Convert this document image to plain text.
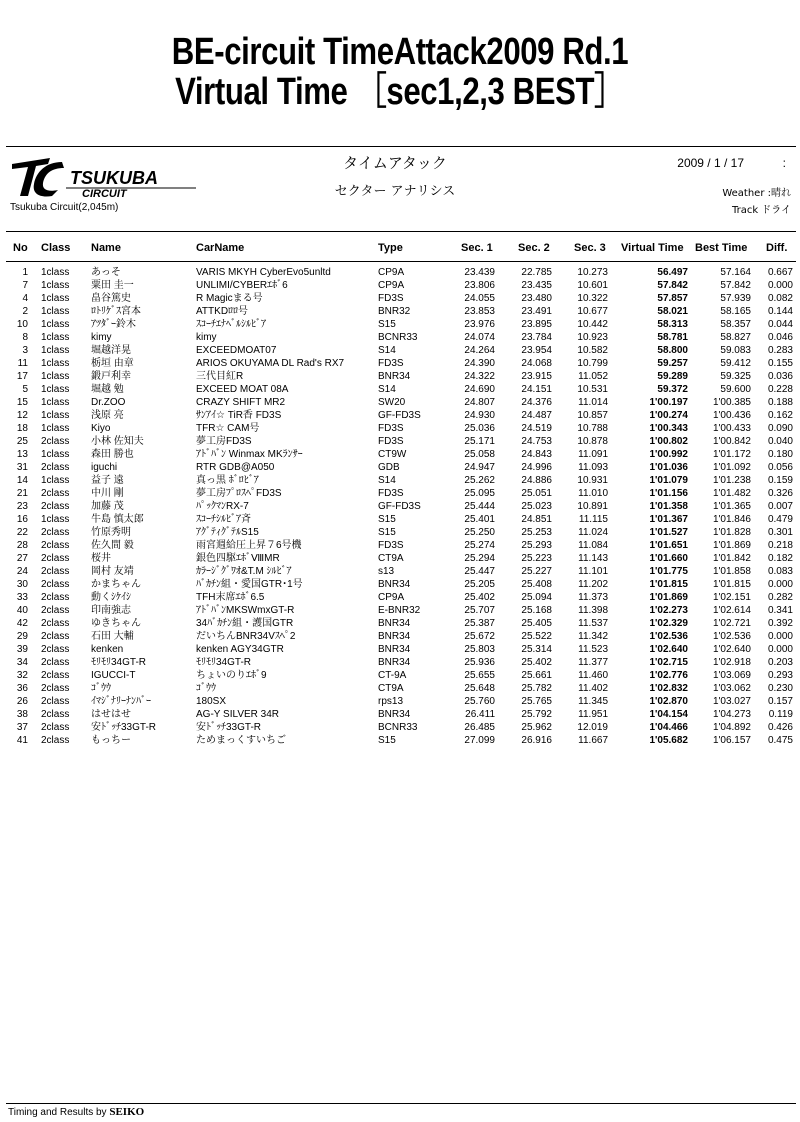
BE-circuit TimeAttack2009 Rd.1
Virtual Time ［sec1,2,3 BEST］
TSUKUBA
CIRCUIT
Tsukuba Circuit(2,045m)
タイムアタック
セクター アナリシス
2009 / 1 / 17	:
Weather :晴れ
Track ドライ
No Class Name	CarName	Type	Sec. 1 Sec. 2 Sec. 3 Virtual Time Best Time Diff.
1 1class あっそ	VARIS MKYH CyberEvo5unltd	CP9A	23.439	22.785	10.273	56.497	57.164	0.667
7 1class 粟田 圭一	UNLIMI/CYBERｴﾎﾞ6	CP9A	23.806	23.435	10.601	57.842	57.842	0.000
4 1class 畠谷篤史	R Magicまる号	FD3S	24.055	23.480	10.322	57.857	57.939	0.082
2 1class ﾛﾄﾘｹﾞｽ宮本	ATTKDﾛﾛ号	BNR32	23.853	23.491	10.677	58.021	58.165	0.144
10 1class ｱﾂﾀﾞｰ鈴木	ｽｺｰﾁｴﾅﾍﾞﾙｼﾙﾋﾞｱ	S15	23.976	23.895	10.442	58.313	58.357	0.044
8 1class kimy	kimy	BCNR33	24.074	23.784	10.923	58.781	58.827	0.046
3 1class 堀越洋晃	EXCEEDMOAT07	S14	24.264	23.954	10.582	58.800	59.083	0.283
11 1class 栃垣 由章	ARIOS OKUYAMA DL Rad's RX7	FD3S	24.390	24.068	10.799	59.257	59.412	0.155
17 1class 鍛戸利幸	三代目紅R	BNR34	24.322	23.915	11.052	59.289	59.325	0.036
5 1class 堀越 勉	EXCEED MOAT 08A	S14	24.690	24.151	10.531	59.372	59.600	0.228
15 1class Dr.ZOO	CRAZY SHIFT MR2	SW20	24.807	24.376	11.014	1'00.197	1'00.385	0.188
12 1class 浅原 亮	ｻﾝｱｲ☆ TiR香 FD3S	GF-FD3S	24.930	24.487	10.857	1'00.274	1'00.436	0.162
18 1class Kiyo	TFR☆ CAM号	FD3S	25.036	24.519	10.788	1'00.343	1'00.433	0.090
25 2class 小林 佐知夫	夢工房FD3S	FD3S	25.171	24.753	10.878	1'00.802	1'00.842	0.040
13 1class 森田 勝也	ｱﾄﾞﾊﾞﾝ Winmax MKﾗﾝｻｰ	CT9W	25.058	24.843	11.091	1'00.992	1'01.172	0.180
31 2class iguchi	RTR GDB@A050	GDB	24.947	24.996	11.093	1'01.036	1'01.092	0.056
14 1class 益子 遠	真っ黒 ﾎﾞﾛﾋﾞｱ	S14	25.262	24.886	10.931	1'01.079	1'01.238	0.159
21 2class 中川 剛	夢工房ﾌﾟﾛｽﾍﾟFD3S	FD3S	25.095	25.051	11.010	1'01.156	1'01.482	0.326
23 2class 加藤 茂	ﾊﾟｯｸﾏﾝRX-7	GF-FD3S	25.444	25.023	10.891	1'01.358	1'01.365	0.007
16 1class 牛島 慎太郎	ｽｺｰﾁｼﾙﾋﾞｱ斉	S15	25.401	24.851	11.115	1'01.367	1'01.846	0.479
22 2class 竹原秀明	ｱｸﾞﾃｨｸﾞﾃﾙS15	S15	25.250	25.253	11.024	1'01.527	1'01.828	0.301
28 2class 佐久間 毅	雨宮週給圧上昇７6号機	FD3S	25.274	25.293	11.084	1'01.651	1'01.869	0.218
27 2class 桜井	銀色四駆ｴﾎﾞⅧMR	CT9A	25.294	25.223	11.143	1'01.660	1'01.842	0.182
24 2class 岡村 友靖	ｶﾗｰｼﾞｸﾞﾜｵ&T.M ｼﾙﾋﾞｱ	s13	25.447	25.227	11.101	1'01.775	1'01.858	0.083
30 2class かまちゃん	ﾊﾞｶﾁﾝ組・愛国GTR･1号	BNR34	25.205	25.408	11.202	1'01.815	1'01.815	0.000
33 2class 動くｼｹｲｼ	TFH末席ｴﾎﾞ6.5	CP9A	25.402	25.094	11.373	1'01.869	1'02.151	0.282
40 2class 印南強志	ｱﾄﾞﾊﾞﾝMKSWmxGT-R	E-BNR32	25.707	25.168	11.398	1'02.273	1'02.614	0.341
42 2class ゆきちゃん	34ﾊﾞｶﾁﾝ組・護国GTR	BNR34	25.387	25.405	11.537	1'02.329	1'02.721	0.392
29 2class 石田 大輔	だいちんBNR34Vｽﾍﾟ2	BNR34	25.672	25.522	11.342	1'02.536	1'02.536	0.000
39 2class kenken	kenken AGY34GTR	BNR34	25.803	25.314	11.523	1'02.640	1'02.640	0.000
34 2class ﾓﾘﾓﾘ34GT-R	ﾓﾘﾓﾘ34GT-R	BNR34	25.936	25.402	11.377	1'02.715	1'02.918	0.203
32 2class IGUCCI-T	ちょいのりｴﾎﾞ9	CT-9A	25.655	25.661	11.460	1'02.776	1'03.069	0.293
36 2class ｺﾞｳｳ	ｺﾞｳｳ	CT9A	25.648	25.782	11.402	1'02.832	1'03.062	0.230
26 2class ｲﾏｼﾞﾅﾘｰﾅﾝﾊﾞｰ	180SX	rps13	25.760	25.765	11.345	1'02.870	1'03.027	0.157
38 2class はせはせ	AG-Y SILVER 34R	BNR34	26.411	25.792	11.951	1'04.154	1'04.273	0.119
37 2class 安ﾄﾞｯﾁ33GT-R	安ﾄﾞｯﾁ33GT-R	BCNR33	26.485	25.962	12.019	1'04.466	1'04.892	0.426
41 2class もっちー	ためまっくすいちご	S15	27.099	26.916	11.667	1'05.682	1'06.157	0.475
Timing and Results by SEIKO
